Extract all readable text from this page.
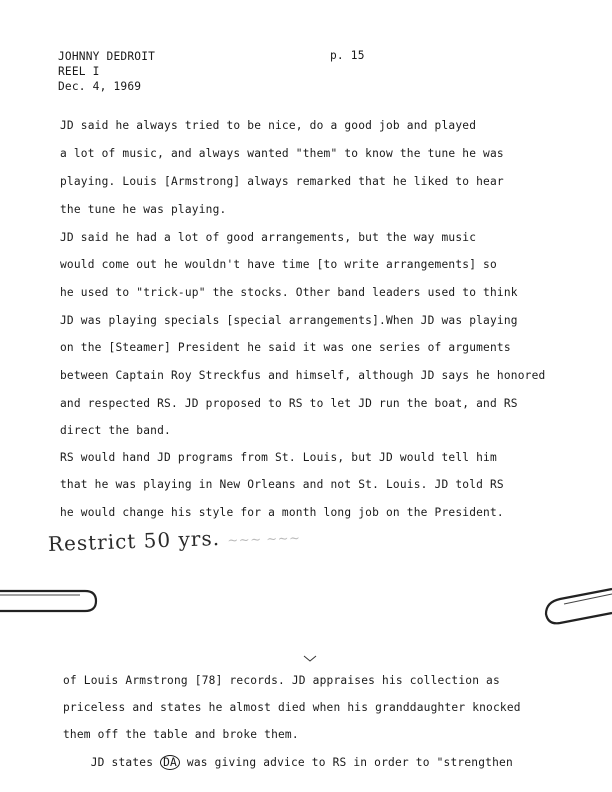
JOHNNY DEDROIT
REEL I
Dec. 4, 1969
p. 15
JD said he always tried to be nice, do a good job and played
a lot of music, and always wanted "them" to know the tune he was
playing. Louis [Armstrong] always remarked that he liked to hear
the tune he was playing.
JD said he had a lot of good arrangements, but the way music
would come out he wouldn't have time [to write arrangements] so
he used to "trick-up" the stocks. Other band leaders used to think
JD was playing specials [special arrangements].When JD was playing
on the [Steamer] President he said it was one series of arguments
between Captain Roy Streckfus and himself, although JD says he honored
and respected RS. JD proposed to RS to let JD run the boat, and RS
direct the band.
RS would hand JD programs from St. Louis, but JD would tell him
that he was playing in New Orleans and not St. Louis. JD told RS
he would change his style for a month long job on the President.
Restrict 50 yrs. ~~~ ~~~
of Louis Armstrong [78] records. JD appraises his collection as
priceless and states he almost died when his granddaughter knocked
them off the table and broke them.
JD states DA was giving advice to RS in order to "strengthen
